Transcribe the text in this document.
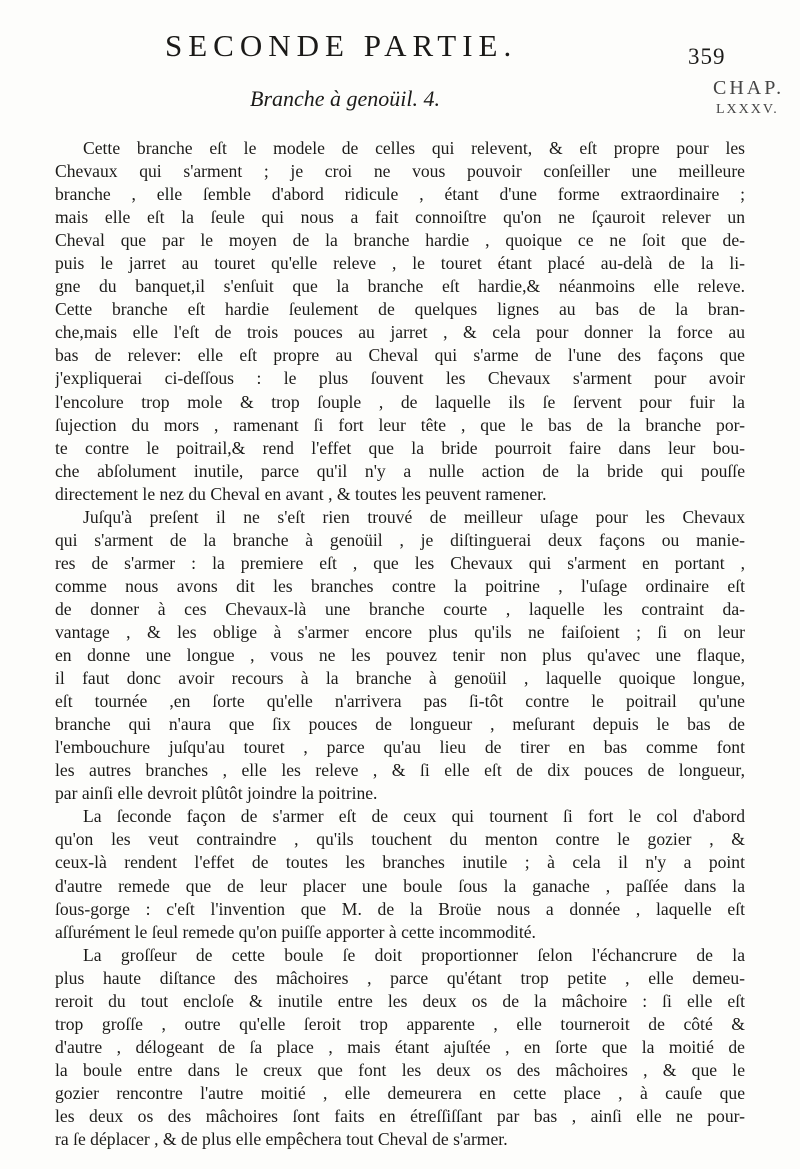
SECONDE PARTIE.	359
CHAP.
LXXXV.
Branche à genoüil. 4.
Cette branche eſt le modele de celles qui relevent, & eſt propre pour les
Chevaux qui s'arment ; je croi ne vous pouvoir conſeiller une meilleure
branche , elle ſemble d'abord ridicule , étant d'une forme extraordinaire ;
mais elle eſt la ſeule qui nous a fait connoiſtre qu'on ne ſçauroit relever un
Cheval que par le moyen de la branche hardie , quoique ce ne ſoit que de-
puis le jarret au touret qu'elle releve , le touret étant placé au-delà de la li-
gne du banquet,il s'enſuit que la branche eſt hardie,& néanmoins elle releve.
Cette branche eſt hardie ſeulement de quelques lignes au bas de la bran-
che,mais elle l'eſt de trois pouces au jarret , & cela pour donner la force au
bas de relever: elle eſt propre au Cheval qui s'arme de l'une des façons que
j'expliquerai ci-deſſous : le plus ſouvent les Chevaux s'arment pour avoir
l'encolure trop mole & trop ſouple , de laquelle ils ſe ſervent pour fuir la
ſujection du mors , ramenant ſi fort leur tête , que le bas de la branche por-
te contre le poitrail,& rend l'effet que la bride pourroit faire dans leur bou-
che abſolument inutile, parce qu'il n'y a nulle action de la bride qui pouſſe
directement le nez du Cheval en avant , & toutes les peuvent ramener.
Juſqu'à preſent il ne s'eſt rien trouvé de meilleur uſage pour les Chevaux
qui s'arment de la branche à genoüil , je diſtinguerai deux façons ou manie-
res de s'armer : la premiere eſt , que les Chevaux qui s'arment en portant ,
comme nous avons dit les branches contre la poitrine , l'uſage ordinaire eſt
de donner à ces Chevaux-là une branche courte , laquelle les contraint da-
vantage , & les oblige à s'armer encore plus qu'ils ne faiſoient ; ſi on leur
en donne une longue , vous ne les pouvez tenir non plus qu'avec une flaque,
il faut donc avoir recours à la branche à genoüil , laquelle quoique longue,
eſt tournée ,en ſorte qu'elle n'arrivera pas ſi-tôt contre le poitrail qu'une
branche qui n'aura que ſix pouces de longueur , meſurant depuis le bas de
l'embouchure juſqu'au touret , parce qu'au lieu de tirer en bas comme font
les autres branches , elle les releve , & ſi elle eſt de dix pouces de longueur,
par ainſi elle devroit plûtôt joindre la poitrine.
La ſeconde façon de s'armer eſt de ceux qui tournent ſi fort le col d'abord
qu'on les veut contraindre , qu'ils touchent du menton contre le gozier , &
ceux-là rendent l'effet de toutes les branches inutile ; à cela il n'y a point
d'autre remede que de leur placer une boule ſous la ganache , paſſée dans la
ſous-gorge : c'eſt l'invention que M. de la Broüe nous a donnée , laquelle eſt
aſſurément le ſeul remede qu'on puiſſe apporter à cette incommodité.
La groſſeur de cette boule ſe doit proportionner ſelon l'échancrure de la
plus haute diſtance des mâchoires , parce qu'étant trop petite , elle demeu-
reroit du tout encloſe & inutile entre les deux os de la mâchoire : ſi elle eſt
trop groſſe , outre qu'elle ſeroit trop apparente , elle tourneroit de côté &
d'autre , délogeant de ſa place , mais étant ajuſtée , en ſorte que la moitié de
la boule entre dans le creux que font les deux os des mâchoires , & que le
gozier rencontre l'autre moitié , elle demeurera en cette place , à cauſe que
les deux os des mâchoires ſont faits en étreſſiſſant par bas , ainſi elle ne pour-
ra ſe déplacer , & de plus elle empêchera tout Cheval de s'armer.
